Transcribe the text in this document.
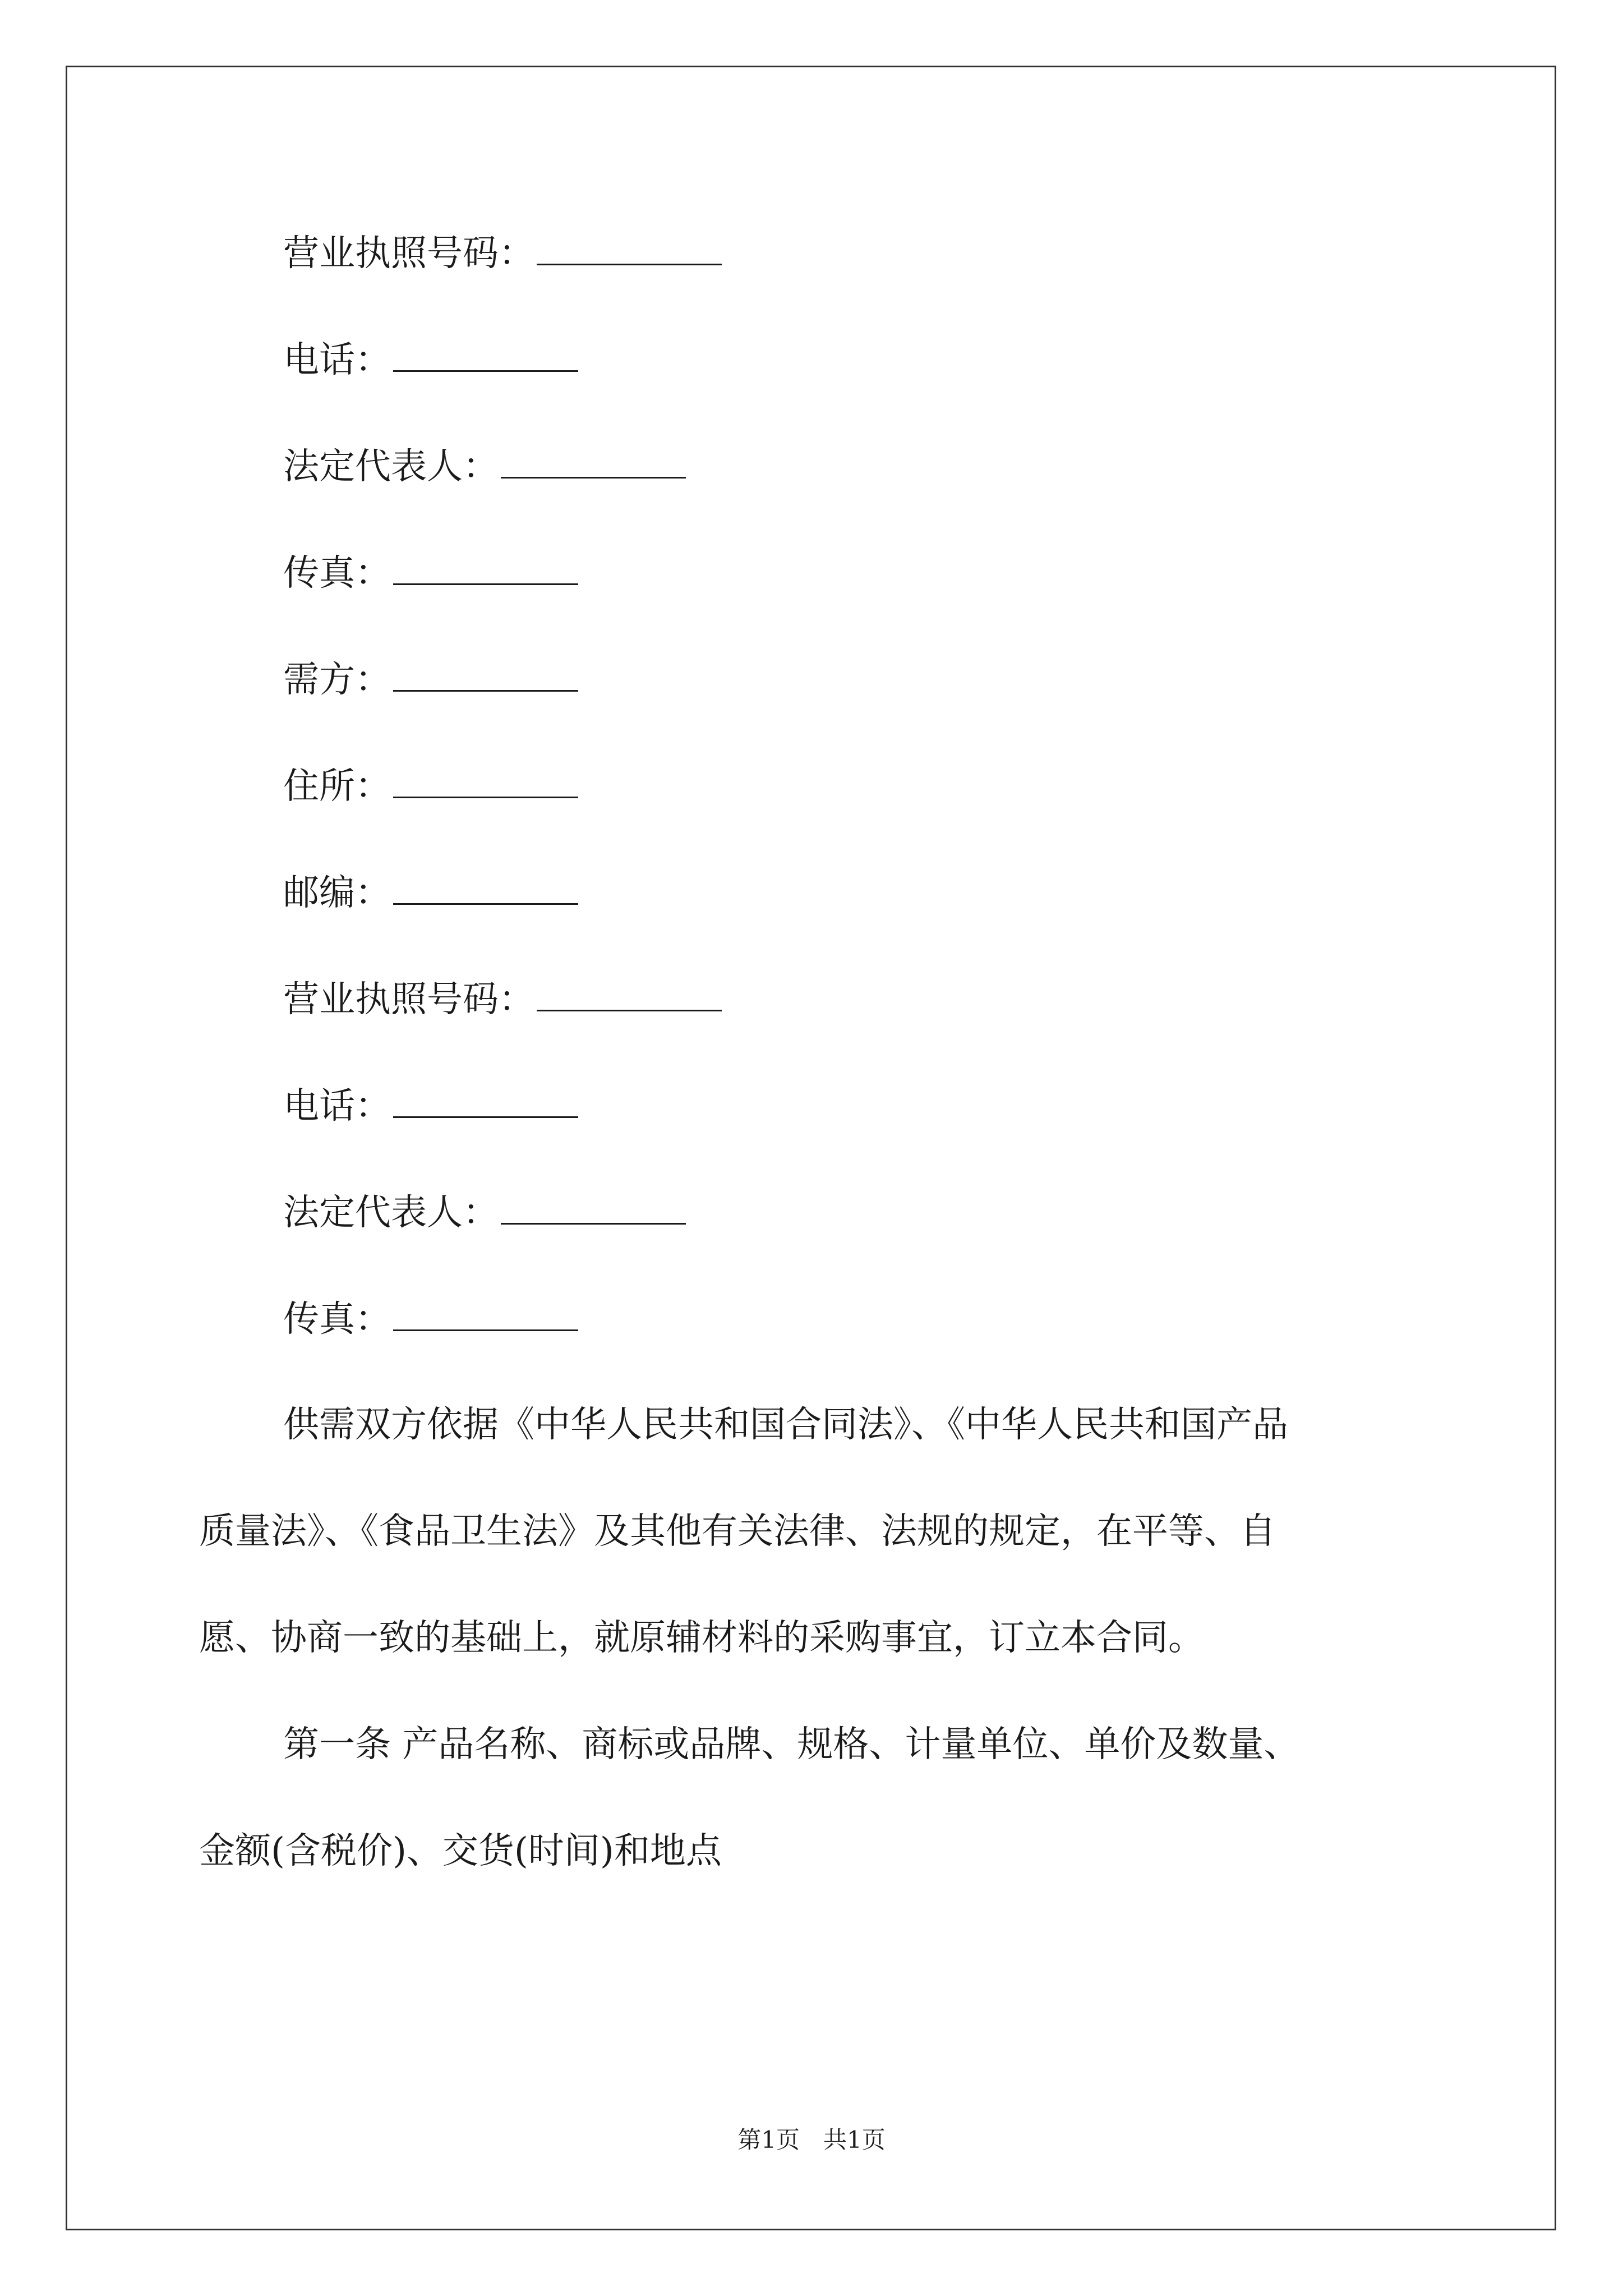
营业执照号码：
电话：
法定代表人：
传真：
需方：
住所：
邮编：
营业执照号码：
电话：
法定代表人：
传真：
供需双方依据《中华人民共和国合同法》、《中华人民共和国产品
质量法》、《食品卫生法》及其他有关法律、法规的规定，在平等、自
愿、协商一致的基础上，就原辅材料的采购事宜，订立本合同。
第一条 产品名称、商标或品牌、规格、计量单位、单价及数量、
金额(含税价)、交货(时间)和地点
第1页　共1页
